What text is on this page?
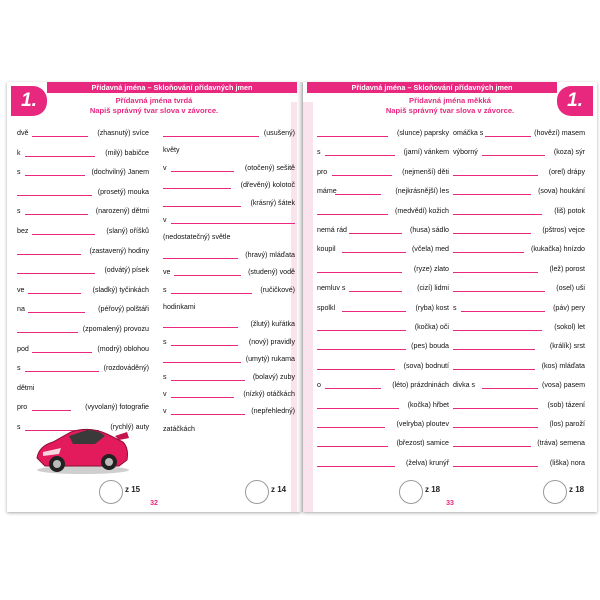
Přídavná jména – Skloňování přídavných jmen
1.	Přídavná jména tvrdá
Napiš správný tvar slova v závorce.
dvě	(zhasnutý) svíce
k	(milý) babičce
s	(dochvilný) Janem
(prosetý) mouka
s	(narozený) dětmi
bez	(slaný) oříšků
(zastavený) hodiny
(odvátý) písek
ve	(sladký) tyčinkách
na	(péřový) polštáři
(zpomalený) provozu
pod	(modrý) oblohou
s	(rozdováděný)
dětmi
pro	(vyvolaný) fotografie
s	(rychlý) auty
(usušený)
květy
v	(otočený) sešitě
(dřevěný) kolotoč
(krásný) šátek
v
(nedostatečný) světle
(hravý) mláďata
ve	(studený) vodě
s	(ručičkové)
hodinkami
(žlutý) kuřátka
s	(nový) pravidly
(umytý) rukama
s	(bolavý) zuby
v	(nízký) otáčkách
v	(nepřehledný)
zatáčkách
z 15	z 14
32
Přídavná jména – Skloňování přídavných jmen
1.
Přídavná jména měkká
Napiš správný tvar slova v závorce.
(slunce) paprsky
s	(jarní) vánkem
pro	(nejmenší) děti
máme	(nejkrásnější) les
(medvědí) kožich
nemá rád	(husa) sádlo
koupil	(včela) med
(ryze) zlato
nemluv s	(cizí) lidmi
spolkl	(ryba) kost
(kočka) oči
(pes) bouda
(sova) bodnutí
o	(léto) prázdninách
(kočka) hřbet
(velryba) ploutev
(březost) samice
(želva) krunýř
omáčka s	(hovězí) masem
výborný	(koza) sýr
(orel) drápy
(sova) houkání
(liš) potok
(pštros) vejce
(kukačka) hnízdo
(lež) porost
(osel) uši
s	(páv) pery
(sokol) let
(králík) srst
(kos) mláďata
divka s	(vosa) pasem
(sob) tázení
(los) paroží
(tráva) semena
(liška) nora
z 18	z 18
33
